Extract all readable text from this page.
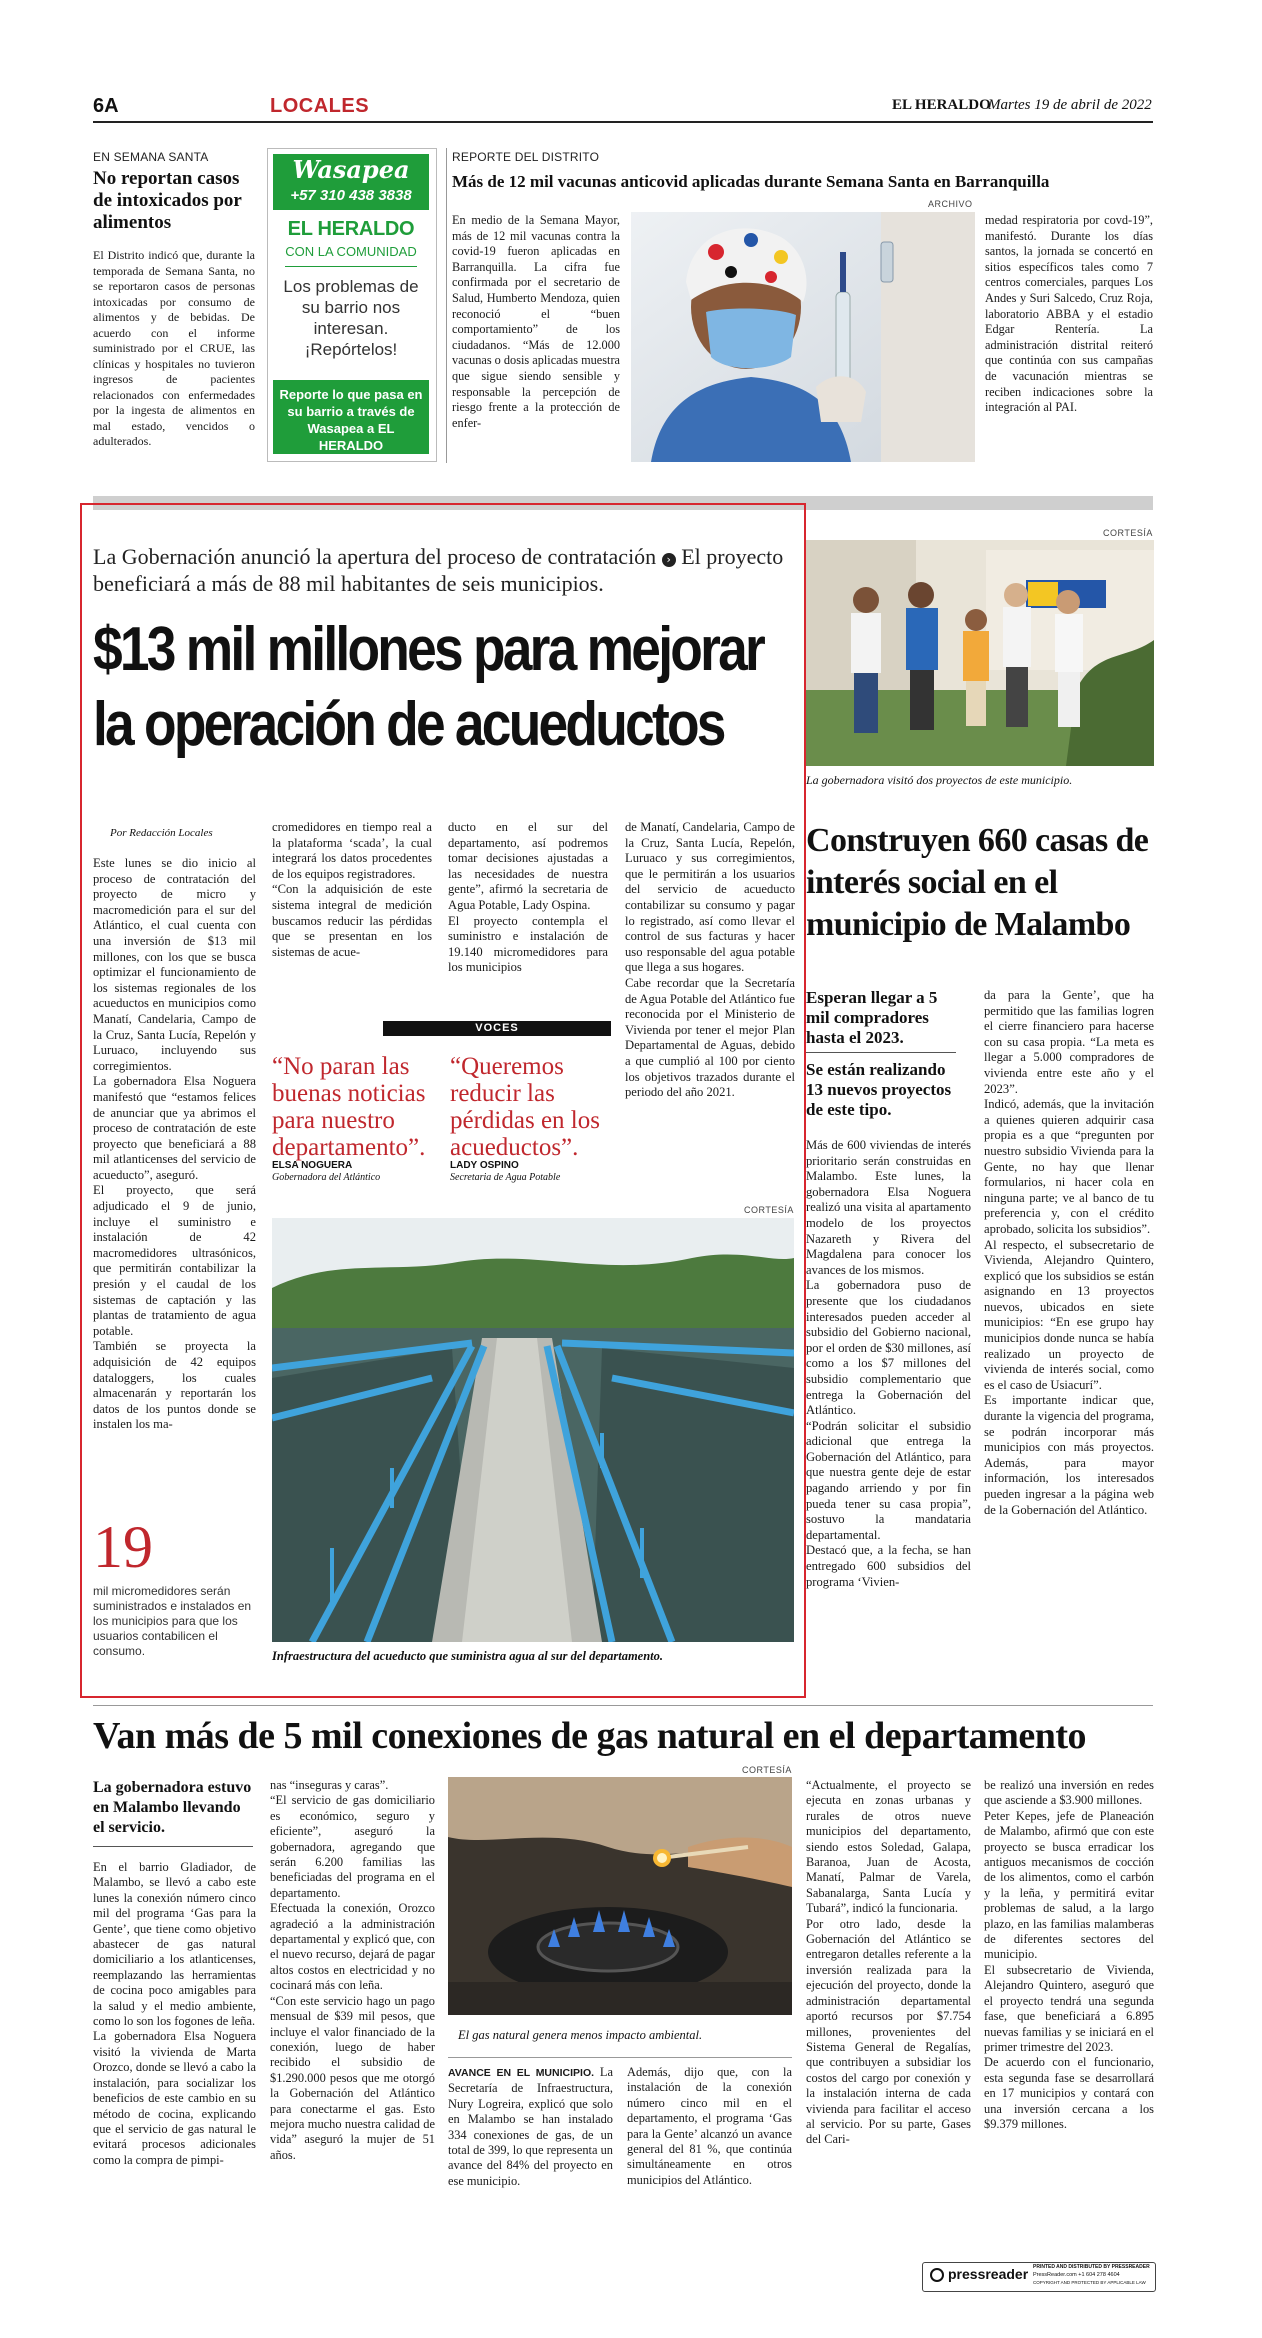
6A	LOCALES	EL HERALDO
Martes 19 de abril de 2022
EN SEMANA SANTA
No reportan casos de intoxicados por alimentos
El Distrito indicó que, durante la temporada de Semana Santa, no se reportaron casos de personas intoxicadas por consumo de alimentos y de bebidas. De acuerdo con el informe suministrado por el CRUE, las clínicas y hospitales no tuvieron ingresos de pacientes relacionados con enfermedades por la ingesta de alimentos en mal estado, vencidos o adulterados.
Wasapea
+57 310 438 3838
EL HERALDO
CON LA COMUNIDAD
Los problemas de su barrio nos interesan. ¡Repórtelos!
Reporte lo que pasa en su barrio a través de Wasapea a EL HERALDO
REPORTE DEL DISTRITO
Más de 12 mil vacunas anticovid aplicadas durante Semana Santa en Barranquilla
ARCHIVO
En medio de la Semana Mayor, más de 12 mil vacunas contra la covid-19 fueron aplicadas en Barranquilla. La cifra fue confirmada por el secretario de Salud, Humberto Mendoza, quien reconoció el “buen comportamiento” de los ciudadanos. “Más de 12.000 vacunas o dosis aplicadas muestra que sigue siendo sensible y responsable la percepción de riesgo frente a la protección de enfer-
medad respiratoria por covd-19”, manifestó. Durante los días santos, la jornada se concertó en sitios específicos tales como 7 centros comerciales, parques Los Andes y Suri Salcedo, Cruz Roja, laboratorio ABBA y el estadio Edgar Rentería. La administración distrital reiteró que continúa con sus campañas de vacunación mientras se reciben indicaciones sobre la integración al PAI.
La Gobernación anunció la apertura del proceso de contratación › El proyecto beneficiará a más de 88 mil habitantes de seis municipios.
$13 mil millones para mejorar la operación de acueductos
Por Redacción Locales
Este lunes se dio inicio al proceso de contratación del proyecto de micro y macromedición para el sur del Atlántico, el cual cuenta con una inversión de $13 mil millones, con los que se busca optimizar el funcionamiento de los sistemas regionales de los acueductos en municipios como Manatí, Candelaria, Campo de la Cruz, Santa Lucía, Repelón y Luruaco, incluyendo sus corregimientos.
La gobernadora Elsa Noguera manifestó que “estamos felices de anunciar que ya abrimos el proceso de contratación de este proyecto que beneficiará a 88 mil atlanticenses del servicio de acueducto”, aseguró.
El proyecto, que será adjudicado el 9 de junio, incluye el suministro e instalación de 42 macromedidores ultrasónicos, que permitirán contabilizar la presión y el caudal de los sistemas de captación y las plantas de tratamiento de agua potable.
También se proyecta la adquisición de 42 equipos dataloggers, los cuales almacenarán y reportarán los datos de los puntos donde se instalen los ma-
cromedidores en tiempo real a la plataforma ‘scada’, la cual integrará los datos procedentes de los equipos registradores.
“Con la adquisición de este sistema integral de medición buscamos reducir las pérdidas que se presentan en los sistemas de acue-
ducto en el sur del departamento, así podremos tomar decisiones ajustadas a las necesidades de nuestra gente”, afirmó la secretaria de Agua Potable, Lady Ospina.
El proyecto contempla el suministro e instalación de 19.140 micromedidores para los municipios
de Manatí, Candelaria, Campo de la Cruz, Santa Lucía, Repelón, Luruaco y sus corregimientos, que le permitirán a los usuarios del servicio de acueducto contabilizar su consumo y pagar lo registrado, así como llevar el control de sus facturas y hacer uso responsable del agua potable que llega a sus hogares.
Cabe recordar que la Secretaría de Agua Potable del Atlántico fue reconocida por el Ministerio de Vivienda por tener el mejor Plan Departamental de Aguas, debido a que cumplió al 100 por ciento los objetivos trazados durante el periodo del año 2021.
VOCES
“No paran las buenas noticias para nuestro departamento”.
ELSA NOGUERA
Gobernadora del Atlántico
“Queremos reducir las pérdidas en los acueductos”.
LADY OSPINO
Secretaria de Agua Potable
CORTESÍA
Infraestructura del acueducto que suministra agua al sur del departamento.
19
mil micromedidores serán suministrados e instalados en los municipios para que los usuarios contabilicen el consumo.
CORTESÍA
La gobernadora visitó dos proyectos de este municipio.
Construyen 660 casas de interés social en el municipio de Malambo
Esperan llegar a 5 mil compradores hasta el 2023.
Se están realizando 13 nuevos proyectos de este tipo.
Más de 600 viviendas de interés prioritario serán construidas en Malambo. Este lunes, la gobernadora Elsa Noguera realizó una visita al apartamento modelo de los proyectos Nazareth y Rivera del Magdalena para conocer los avances de los mismos.
La gobernadora puso de presente que los ciudadanos interesados pueden acceder al subsidio del Gobierno nacional, por el orden de $30 millones, así como a los $7 millones del subsidio complementario que entrega la Gobernación del Atlántico.
“Podrán solicitar el subsidio adicional que entrega la Gobernación del Atlántico, para que nuestra gente deje de estar pagando arriendo y por fin pueda tener su casa propia”, sostuvo la mandataria departamental.
Destacó que, a la fecha, se han entregado 600 subsidios del programa ‘Vivien-
da para la Gente’, que ha permitido que las familias logren el cierre financiero para hacerse con su casa propia. “La meta es llegar a 5.000 compradores de vivienda entre este año y el 2023”.
Indicó, además, que la invitación a quienes quieren adquirir casa propia es a que “pregunten por nuestro subsidio Vivienda para la Gente, no hay que llenar formularios, ni hacer cola en ninguna parte; ve al banco de tu preferencia y, con el crédito aprobado, solicita los subsidios”.
Al respecto, el subsecretario de Vivienda, Alejandro Quintero, explicó que los subsidios se están asignando en 13 proyectos nuevos, ubicados en siete municipios: “En ese grupo hay municipios donde nunca se había realizado un proyecto de vivienda de interés social, como es el caso de Usiacurí”.
Es importante indicar que, durante la vigencia del programa, se podrán incorporar más municipios con más proyectos. Además, para mayor información, los interesados pueden ingresar a la página web de la Gobernación del Atlántico.
Van más de 5 mil conexiones de gas natural en el departamento
La gobernadora estuvo en Malambo llevando el servicio.
En el barrio Gladiador, de Malambo, se llevó a cabo este lunes la conexión número cinco mil del programa ‘Gas para la Gente’, que tiene como objetivo abastecer de gas natural domiciliario a los atlanticenses, reemplazando las herramientas de cocina poco amigables para la salud y el medio ambiente, como lo son los fogones de leña.
La gobernadora Elsa Noguera visitó la vivienda de Marta Orozco, donde se llevó a cabo la instalación, para socializar los beneficios de este cambio en su método de cocina, explicando que el servicio de gas natural le evitará procesos adicionales como la compra de pimpi-
nas “inseguras y caras”.
“El servicio de gas domiciliario es económico, seguro y eficiente”, aseguró la gobernadora, agregando que serán 6.200 familias las beneficiadas del programa en el departamento.
Efectuada la conexión, Orozco agradeció a la administración departamental y explicó que, con el nuevo recurso, dejará de pagar altos costos en electricidad y no cocinará más con leña.
“Con este servicio hago un pago mensual de $39 mil pesos, que incluye el valor financiado de la conexión, luego de haber recibido el subsidio de $1.290.000 pesos que me otorgó la Gobernación del Atlántico para conectarme el gas. Esto mejora mucho nuestra calidad de vida” aseguró la mujer de 51 años.
CORTESÍA
El gas natural genera menos impacto ambiental.
AVANCE EN EL MUNICIPIO. La Secretaría de Infraestructura, Nury Logreira, explicó que solo en Malambo se han instalado 334 conexiones de gas, de un total de 399, lo que representa un avance del 84% del proyecto en ese municipio.
Además, dijo que, con la instalación de la conexión número cinco mil en el departamento, el programa ‘Gas para la Gente’ alcanzó un avance general del 81 %, que continúa simultáneamente en otros municipios del Atlántico.
“Actualmente, el proyecto se ejecuta en zonas urbanas y rurales de otros nueve municipios del departamento, siendo estos Soledad, Galapa, Baranoa, Juan de Acosta, Manatí, Palmar de Varela, Sabanalarga, Santa Lucía y Tubará”, indicó la funcionaria.
Por otro lado, desde la Gobernación del Atlántico se entregaron detalles referente a la inversión realizada para la ejecución del proyecto, donde la administración departamental aportó recursos por $7.754 millones, provenientes del Sistema General de Regalías, que contribuyen a subsidiar los costos del cargo por conexión y la instalación interna de cada vivienda para facilitar el acceso al servicio. Por su parte, Gases del Cari-
be realizó una inversión en redes que asciende a $3.900 millones.
Peter Kepes, jefe de Planeación de Malambo, afirmó que con este proyecto se busca erradicar los antiguos mecanismos de cocción de los alimentos, como el carbón y la leña, y permitirá evitar problemas de salud, a la largo plazo, en las familias malamberas de diferentes sectores del municipio.
El subsecretario de Vivienda, Alejandro Quintero, aseguró que el proyecto tendrá una segunda fase, que beneficiará a 6.895 nuevas familias y se iniciará en el primer trimestre del 2023.
De acuerdo con el funcionario, esta segunda fase se desarrollará en 17 municipios y contará con una inversión cercana a los $9.379 millones.
pressreader PRINTED AND DISTRIBUTED BY PRESSREADER
PressReader.com +1 604 278 4604
COPYRIGHT AND PROTECTED BY APPLICABLE LAW
